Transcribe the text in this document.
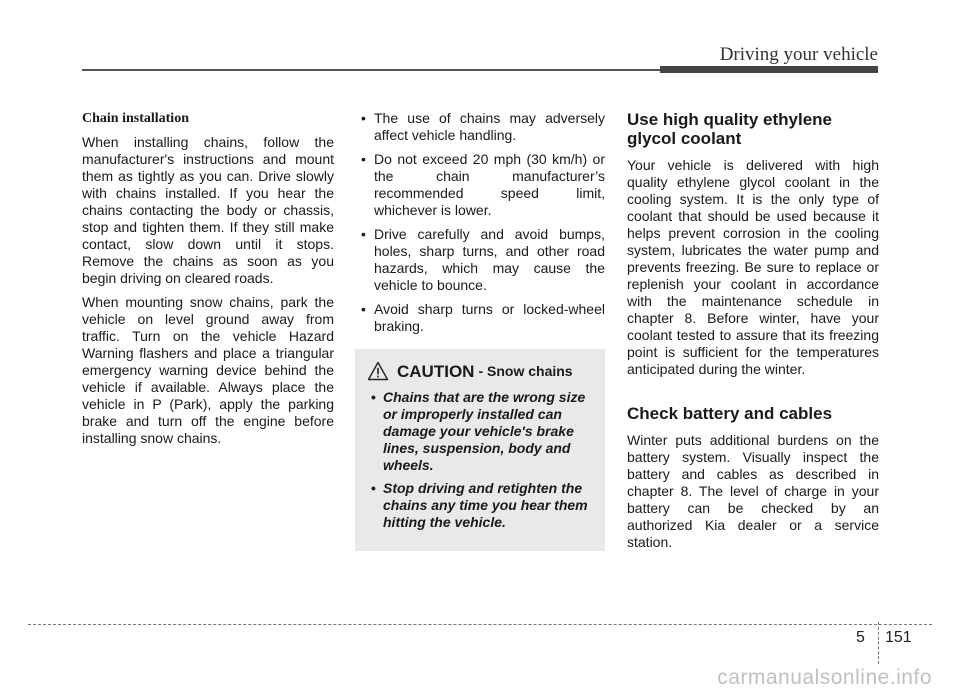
Driving your vehicle
Chain installation

When installing chains, follow the manufacturer's instructions and mount them as tightly as you can. Drive slowly with chains installed. If you hear the chains contacting the body or chassis, stop and tighten them. If they still make contact, slow down until it stops. Remove the chains as soon as you begin driving on cleared roads.

When mounting snow chains, park the vehicle on level ground away from traffic. Turn on the vehicle Hazard Warning flashers and place a triangular emergency warning device behind the vehicle if available. Always place the vehicle in P (Park), apply the parking brake and turn off the engine before installing snow chains.

• The use of chains may adversely affect vehicle handling.
• Do not exceed 20 mph (30 km/h) or the chain manufacturer’s recommended speed limit, whichever is lower.
• Drive carefully and avoid bumps, holes, sharp turns, and other road hazards, which may cause the vehicle to bounce.
• Avoid sharp turns or locked-wheel braking.
CAUTION - Snow chains
• Chains that are the wrong size or improperly installed can damage your vehicle's brake lines, suspension, body and wheels.
• Stop driving and retighten the chains any time you hear them hitting the vehicle.
Use high quality ethylene glycol coolant

Your vehicle is delivered with high quality ethylene glycol coolant in the cooling system. It is the only type of coolant that should be used because it helps prevent corrosion in the cooling system, lubricates the water pump and prevents freezing. Be sure to replace or replenish your coolant in accordance with the maintenance schedule in chapter 8. Before winter, have your coolant tested to assure that its freezing point is sufficient for the temperatures anticipated during the winter.

Check battery and cables

Winter puts additional burdens on the battery system. Visually inspect the battery and cables as described in chapter 8. The level of charge in your battery can be checked by an authorized Kia dealer or a service station.

5 151
carmanualsonline.info
